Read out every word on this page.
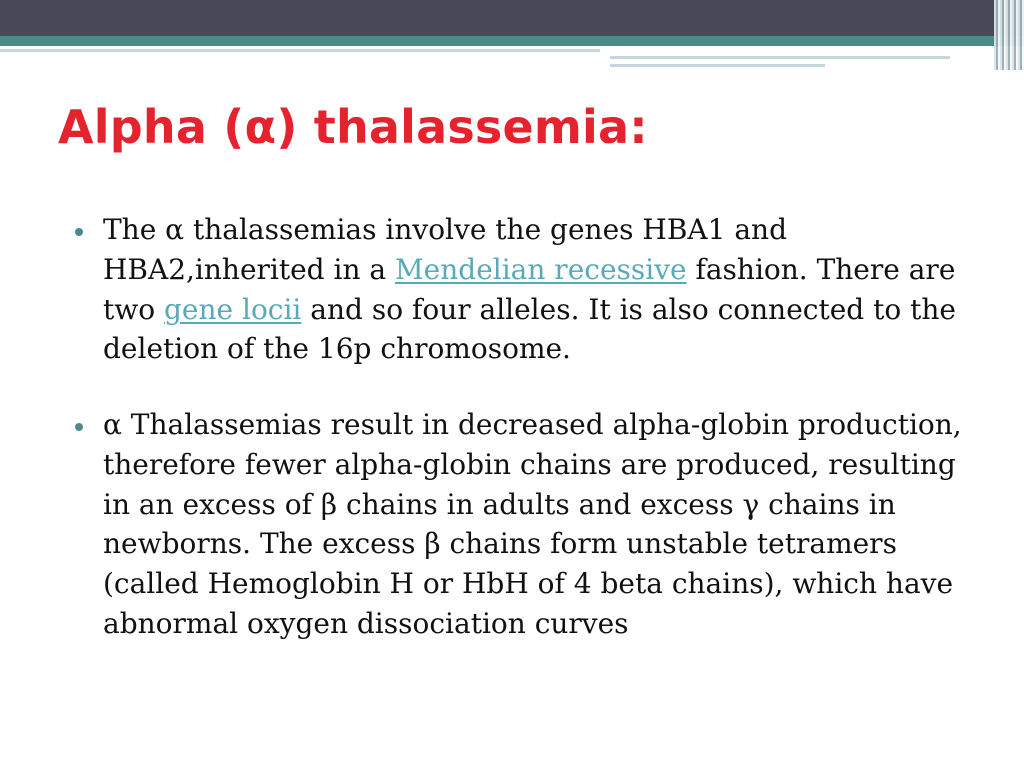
Alpha (α) thalassemia:
The α thalassemias involve the genes HBA1 and HBA2,inherited in a Mendelian recessive fashion. There are two gene locii and so four alleles. It is also connected to the deletion of the 16p chromosome.
α Thalassemias result in decreased alpha-globin production, therefore fewer alpha-globin chains are produced, resulting in an excess of β chains in adults and excess γ chains in newborns. The excess β chains form unstable tetramers (called Hemoglobin H or HbH of 4 beta chains), which have abnormal oxygen dissociation curves
